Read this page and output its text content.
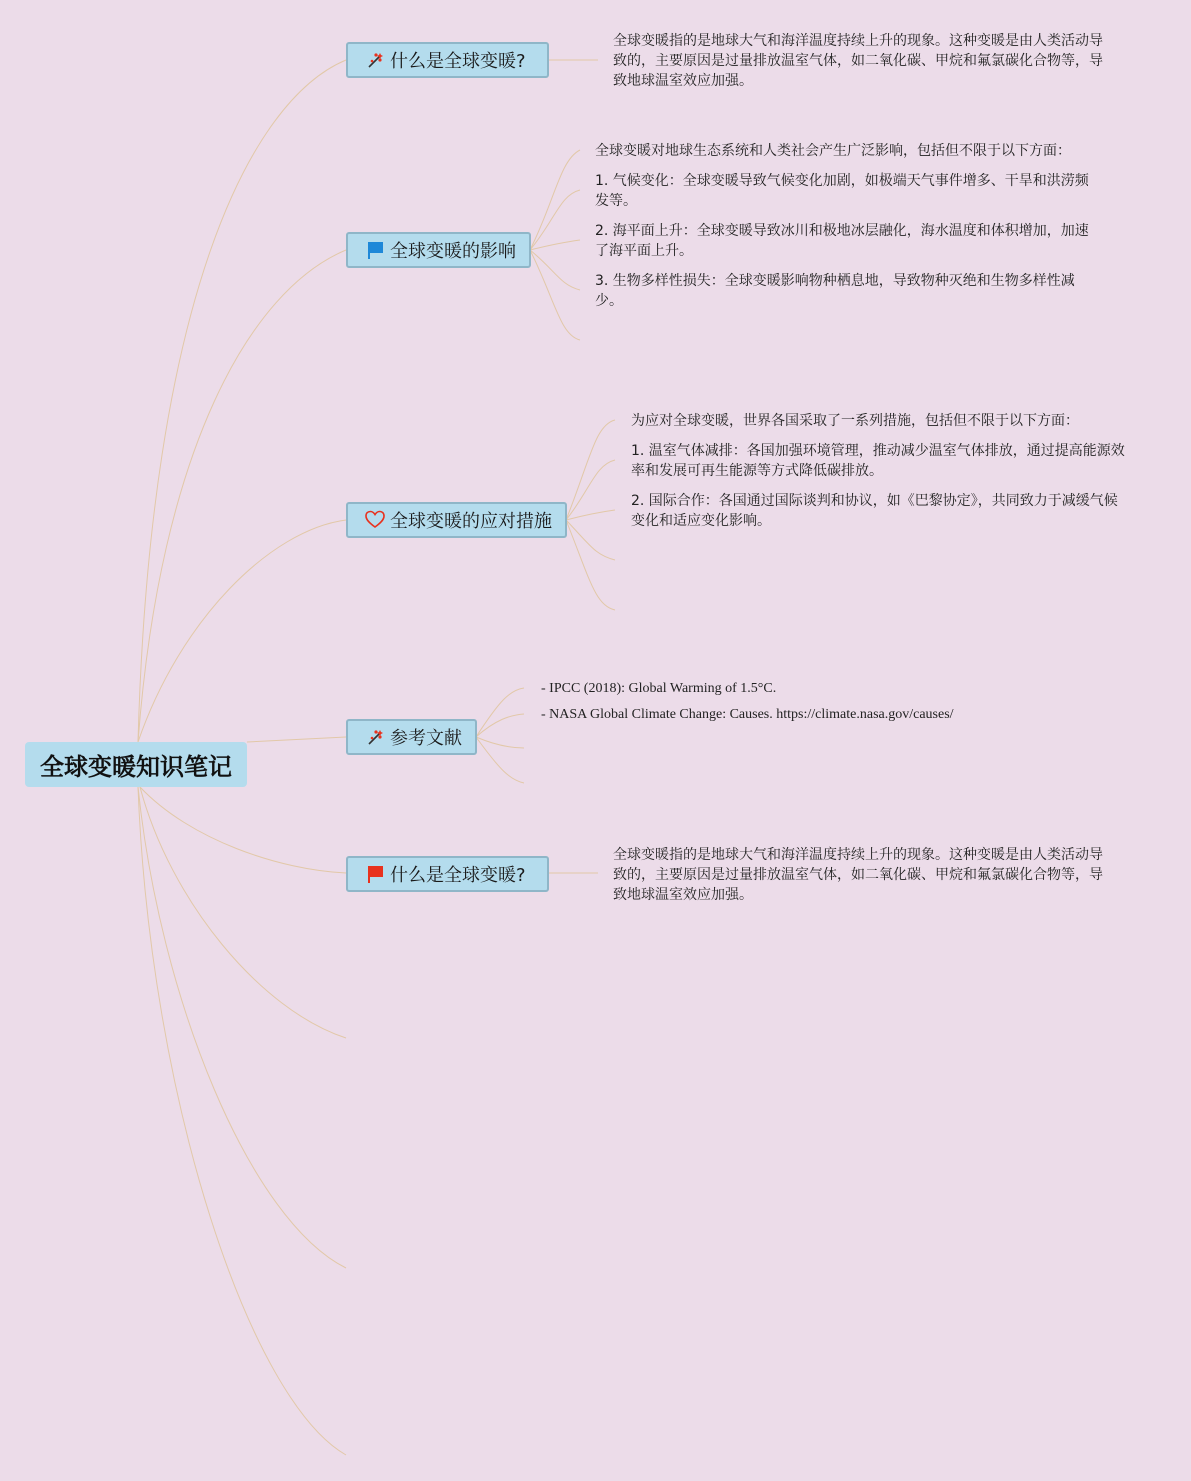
全球变暖知识笔记
什么是全球变暖?
全球变暖指的是地球大气和海洋温度持续上升的现象。这种变暖是由人类活动导致的，主要原因是过量排放温室气体，如二氧化碳、甲烷和氟氯碳化合物等，导致地球温室效应加强。
全球变暖的影响
全球变暖对地球生态系统和人类社会产生广泛影响，包括但不限于以下方面：
1. 气候变化：全球变暖导致气候变化加剧，如极端天气事件增多、干旱和洪涝频发等。
2. 海平面上升：全球变暖导致冰川和极地冰层融化，海水温度和体积增加，加速了海平面上升。
3. 生物多样性损失：全球变暖影响物种栖息地，导致物种灭绝和生物多样性减少。
全球变暖的应对措施
为应对全球变暖，世界各国采取了一系列措施，包括但不限于以下方面：
1. 温室气体减排：各国加强环境管理，推动减少温室气体排放，通过提高能源效率和发展可再生能源等方式降低碳排放。
2. 国际合作：各国通过国际谈判和协议，如《巴黎协定》，共同致力于减缓气候变化和适应变化影响。
参考文献
- IPCC (2018): Global Warming of 1.5°C.
- NASA Global Climate Change: Causes. https://climate.nasa.gov/causes/
什么是全球变暖?
全球变暖指的是地球大气和海洋温度持续上升的现象。这种变暖是由人类活动导致的，主要原因是过量排放温室气体，如二氧化碳、甲烷和氟氯碳化合物等，导致地球温室效应加强。
